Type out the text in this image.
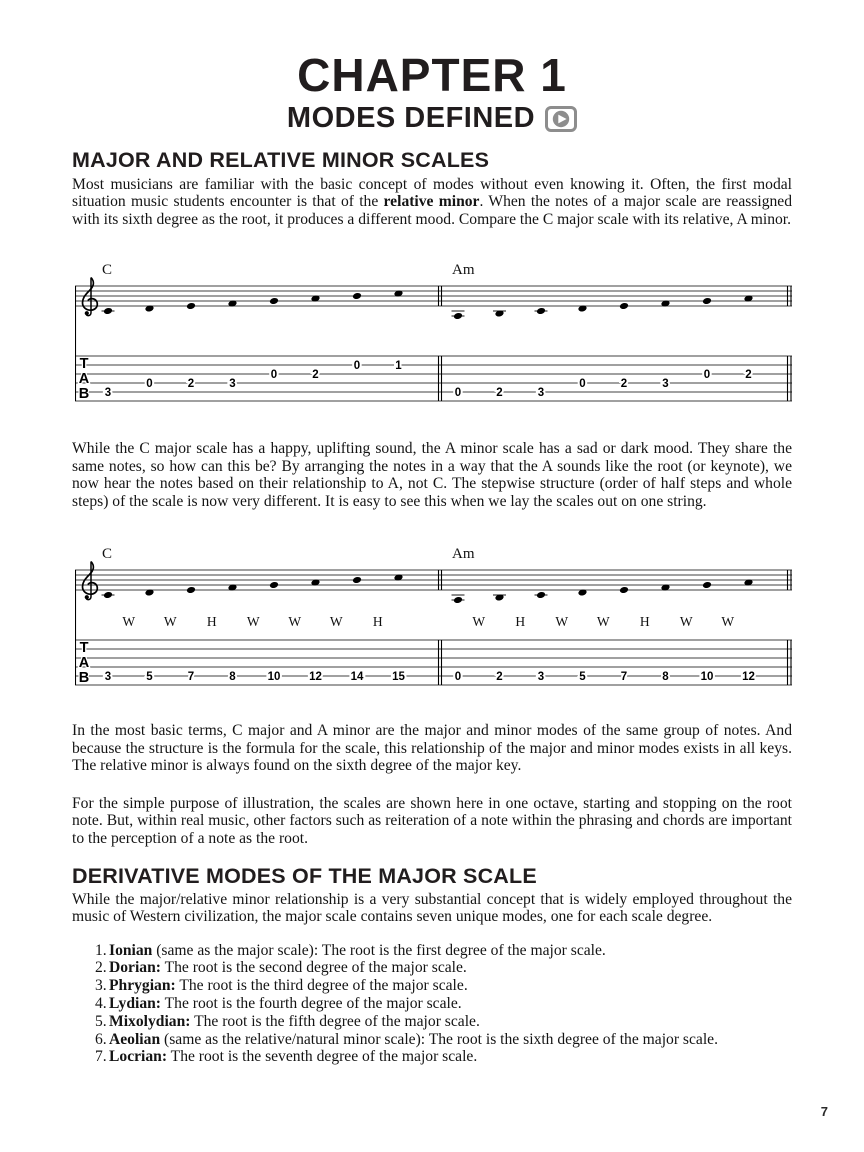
CHAPTER 1
MODES DEFINED
MAJOR AND RELATIVE MINOR SCALES

Most musicians are familiar with the basic concept of modes without even knowing it. Often, the first modal situation music students encounter is that of the relative minor. When the notes of a major scale are reassigned with its sixth degree as the root, it produces a different mood. Compare the C major scale with its relative, A minor.

T
A
B
C
3
0	2	3
0	2
0	1
Am
0	2	3
0	2	3
0	2

While the C major scale has a happy, uplifting sound, the A minor scale has a sad or dark mood. They share the same notes, so how can this be? By arranging the notes in a way that the A sounds like the root (or keynote), we now hear the notes based on their relationship to A, not C. The stepwise structure (order of half steps and whole steps) of the scale is now very different. It is easy to see this when we lay the scales out on one string.

T
A
B
C
W W H W W W H
3	5	7	8	10 12 14 15
Am
W H W W H W W
0	2	3	5	7	8	10 12

In the most basic terms, C major and A minor are the major and minor modes of the same group of notes. And because the structure is the formula for the scale, this relationship of the major and minor modes exists in all keys. The relative minor is always found on the sixth degree of the major key.

For the simple purpose of illustration, the scales are shown here in one octave, starting and stopping on the root note. But, within real music, other factors such as reiteration of a note within the phrasing and chords are important to the perception of a note as the root.

DERIVATIVE MODES OF THE MAJOR SCALE

While the major/relative minor relationship is a very substantial concept that is widely employed throughout the music of Western civilization, the major scale contains seven unique modes, one for each scale degree.

1. Ionian (same as the major scale): The root is the first degree of the major scale.
2. Dorian: The root is the second degree of the major scale.
3. Phrygian: The root is the third degree of the major scale.
4. Lydian: The root is the fourth degree of the major scale.
5. Mixolydian: The root is the fifth degree of the major scale.
6. Aeolian (same as the relative/natural minor scale): The root is the sixth degree of the major scale.
7. Locrian: The root is the seventh degree of the major scale.
7
